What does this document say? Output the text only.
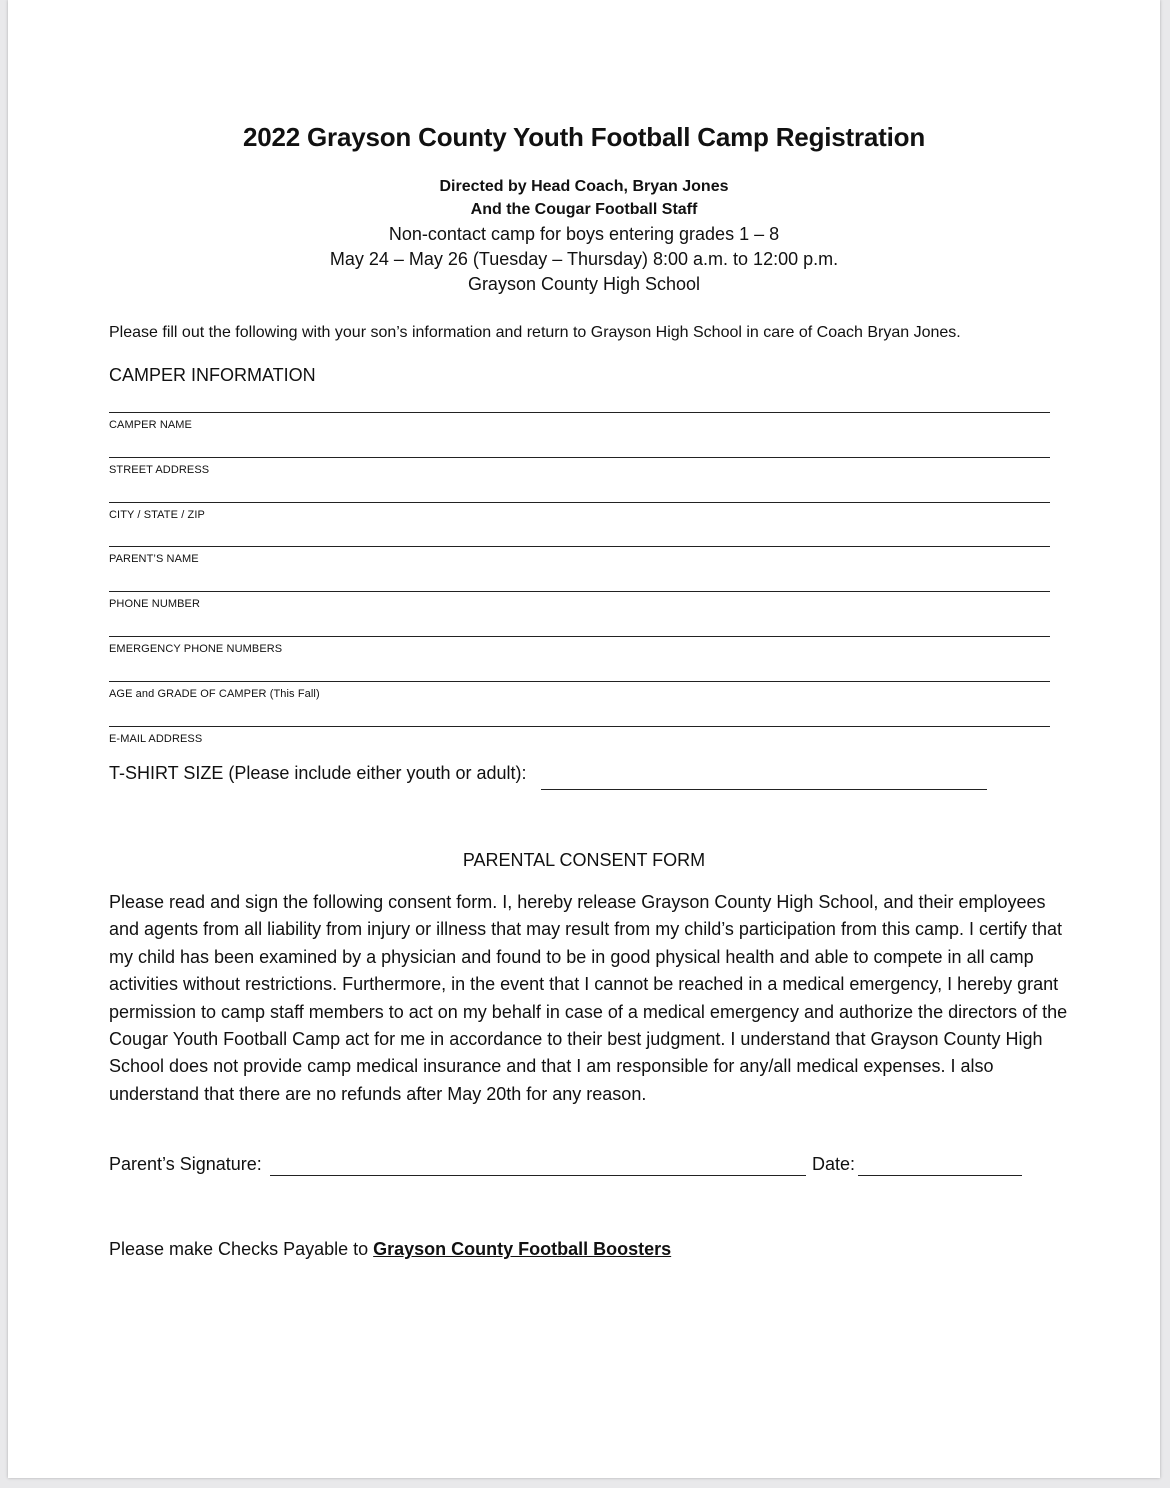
2022 Grayson County Youth Football Camp Registration
Directed by Head Coach, Bryan Jones
And the Cougar Football Staff
Non-contact camp for boys entering grades 1 – 8
May 24 – May 26 (Tuesday – Thursday) 8:00 a.m. to 12:00 p.m.
Grayson County High School
Please fill out the following with your son’s information and return to Grayson High School in care of Coach Bryan Jones.
CAMPER INFORMATION
CAMPER NAME
STREET ADDRESS
CITY / STATE / ZIP
PARENT’S NAME
PHONE NUMBER
EMERGENCY PHONE NUMBERS
AGE and GRADE OF CAMPER (This Fall)
E-MAIL ADDRESS
T-SHIRT SIZE (Please include either youth or adult):
PARENTAL CONSENT FORM
Please read and sign the following consent form. I, hereby release Grayson County High School, and their employees and agents from all liability from injury or illness that may result from my child’s participation from this camp. I certify that my child has been examined by a physician and found to be in good physical health and able to compete in all camp activities without restrictions. Furthermore, in the event that I cannot be reached in a medical emergency, I hereby grant permission to camp staff members to act on my behalf in case of a medical emergency and authorize the directors of the Cougar Youth Football Camp act for me in accordance to their best judgment. I understand that Grayson County High School does not provide camp medical insurance and that I am responsible for any/all medical expenses. I also understand that there are no refunds after May 20th for any reason.
Parent’s Signature:	Date:
Please make Checks Payable to Grayson County Football Boosters
